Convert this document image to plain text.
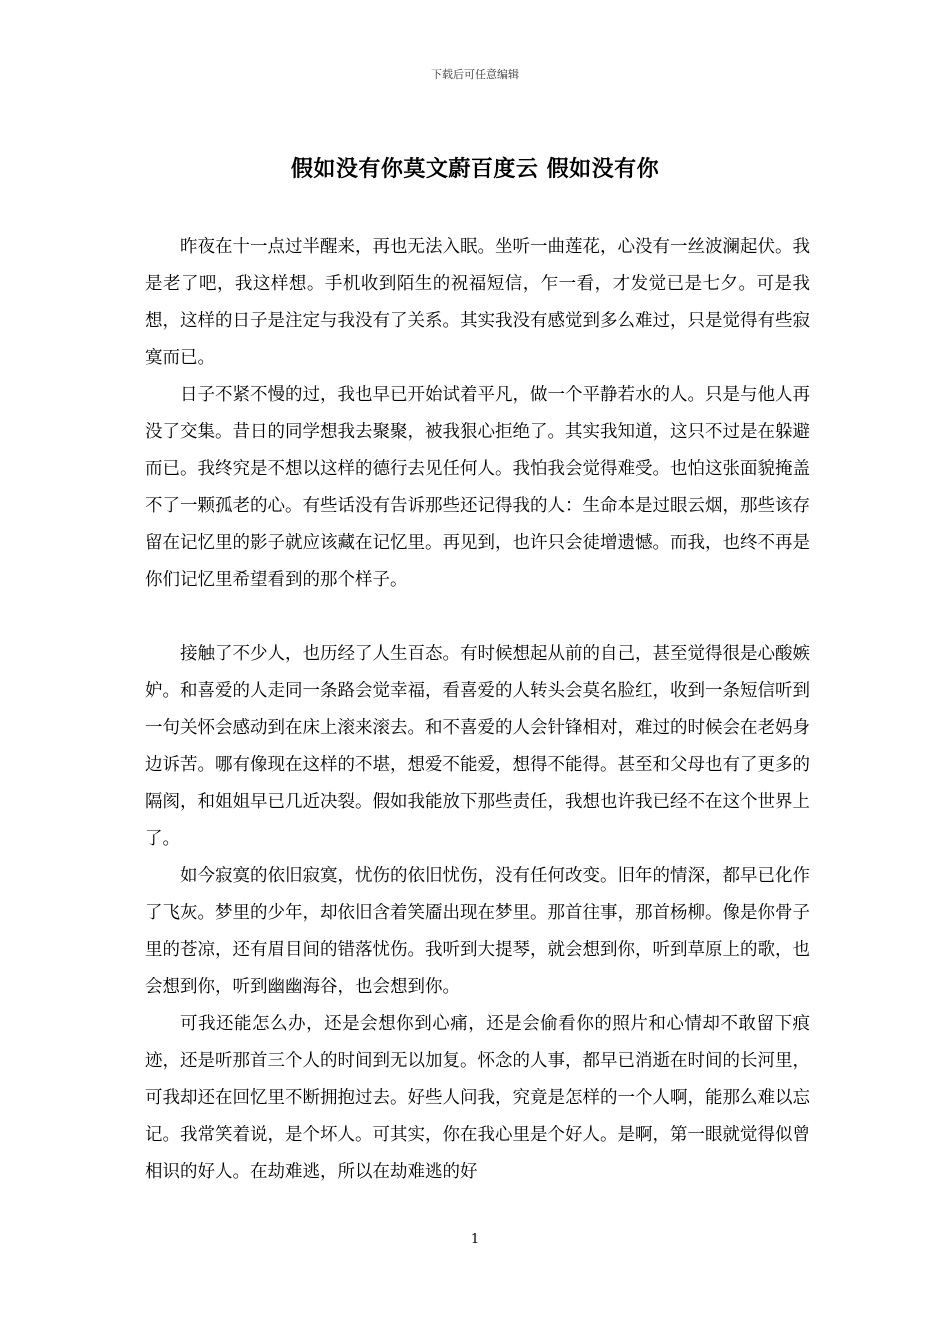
下载后可任意编辑
假如没有你莫文蔚百度云 假如没有你

昨夜在十一点过半醒来，再也无法入眠。坐听一曲莲花，心没有一丝波澜起伏。我是老了吧，我这样想。手机收到陌生的祝福短信，乍一看，才发觉已是七夕。可是我想，这样的日子是注定与我没有了关系。其实我没有感觉到多么难过，只是觉得有些寂寞而已。

日子不紧不慢的过，我也早已开始试着平凡，做一个平静若水的人。只是与他人再没了交集。昔日的同学想我去聚聚，被我狠心拒绝了。其实我知道，这只不过是在躲避而已。我终究是不想以这样的德行去见任何人。我怕我会觉得难受。也怕这张面貌掩盖不了一颗孤老的心。有些话没有告诉那些还记得我的人：生命本是过眼云烟，那些该存留在记忆里的影子就应该藏在记忆里。再见到，也许只会徒增遗憾。而我，也终不再是你们记忆里希望看到的那个样子。

接触了不少人，也历经了人生百态。有时候想起从前的自己，甚至觉得很是心酸嫉妒。和喜爱的人走同一条路会觉幸福，看喜爱的人转头会莫名脸红，收到一条短信听到一句关怀会感动到在床上滚来滚去。和不喜爱的人会针锋相对，难过的时候会在老妈身边诉苦。哪有像现在这样的不堪，想爱不能爱，想得不能得。甚至和父母也有了更多的隔阂，和姐姐早已几近决裂。假如我能放下那些责任，我想也许我已经不在这个世界上了。

如今寂寞的依旧寂寞，忧伤的依旧忧伤，没有任何改变。旧年的情深，都早已化作了飞灰。梦里的少年，却依旧含着笑靥出现在梦里。那首往事，那首杨柳。像是你骨子里的苍凉，还有眉目间的错落忧伤。我听到大提琴，就会想到你，听到草原上的歌，也会想到你，听到幽幽海谷，也会想到你。

可我还能怎么办，还是会想你到心痛，还是会偷看你的照片和心情却不敢留下痕迹，还是听那首三个人的时间到无以加复。怀念的人事，都早已消逝在时间的长河里，可我却还在回忆里不断拥抱过去。好些人问我，究竟是怎样的一个人啊，能那么难以忘记。我常笑着说，是个坏人。可其实，你在我心里是个好人。是啊，第一眼就觉得似曾相识的好人。在劫难逃，所以在劫难逃的好

1
